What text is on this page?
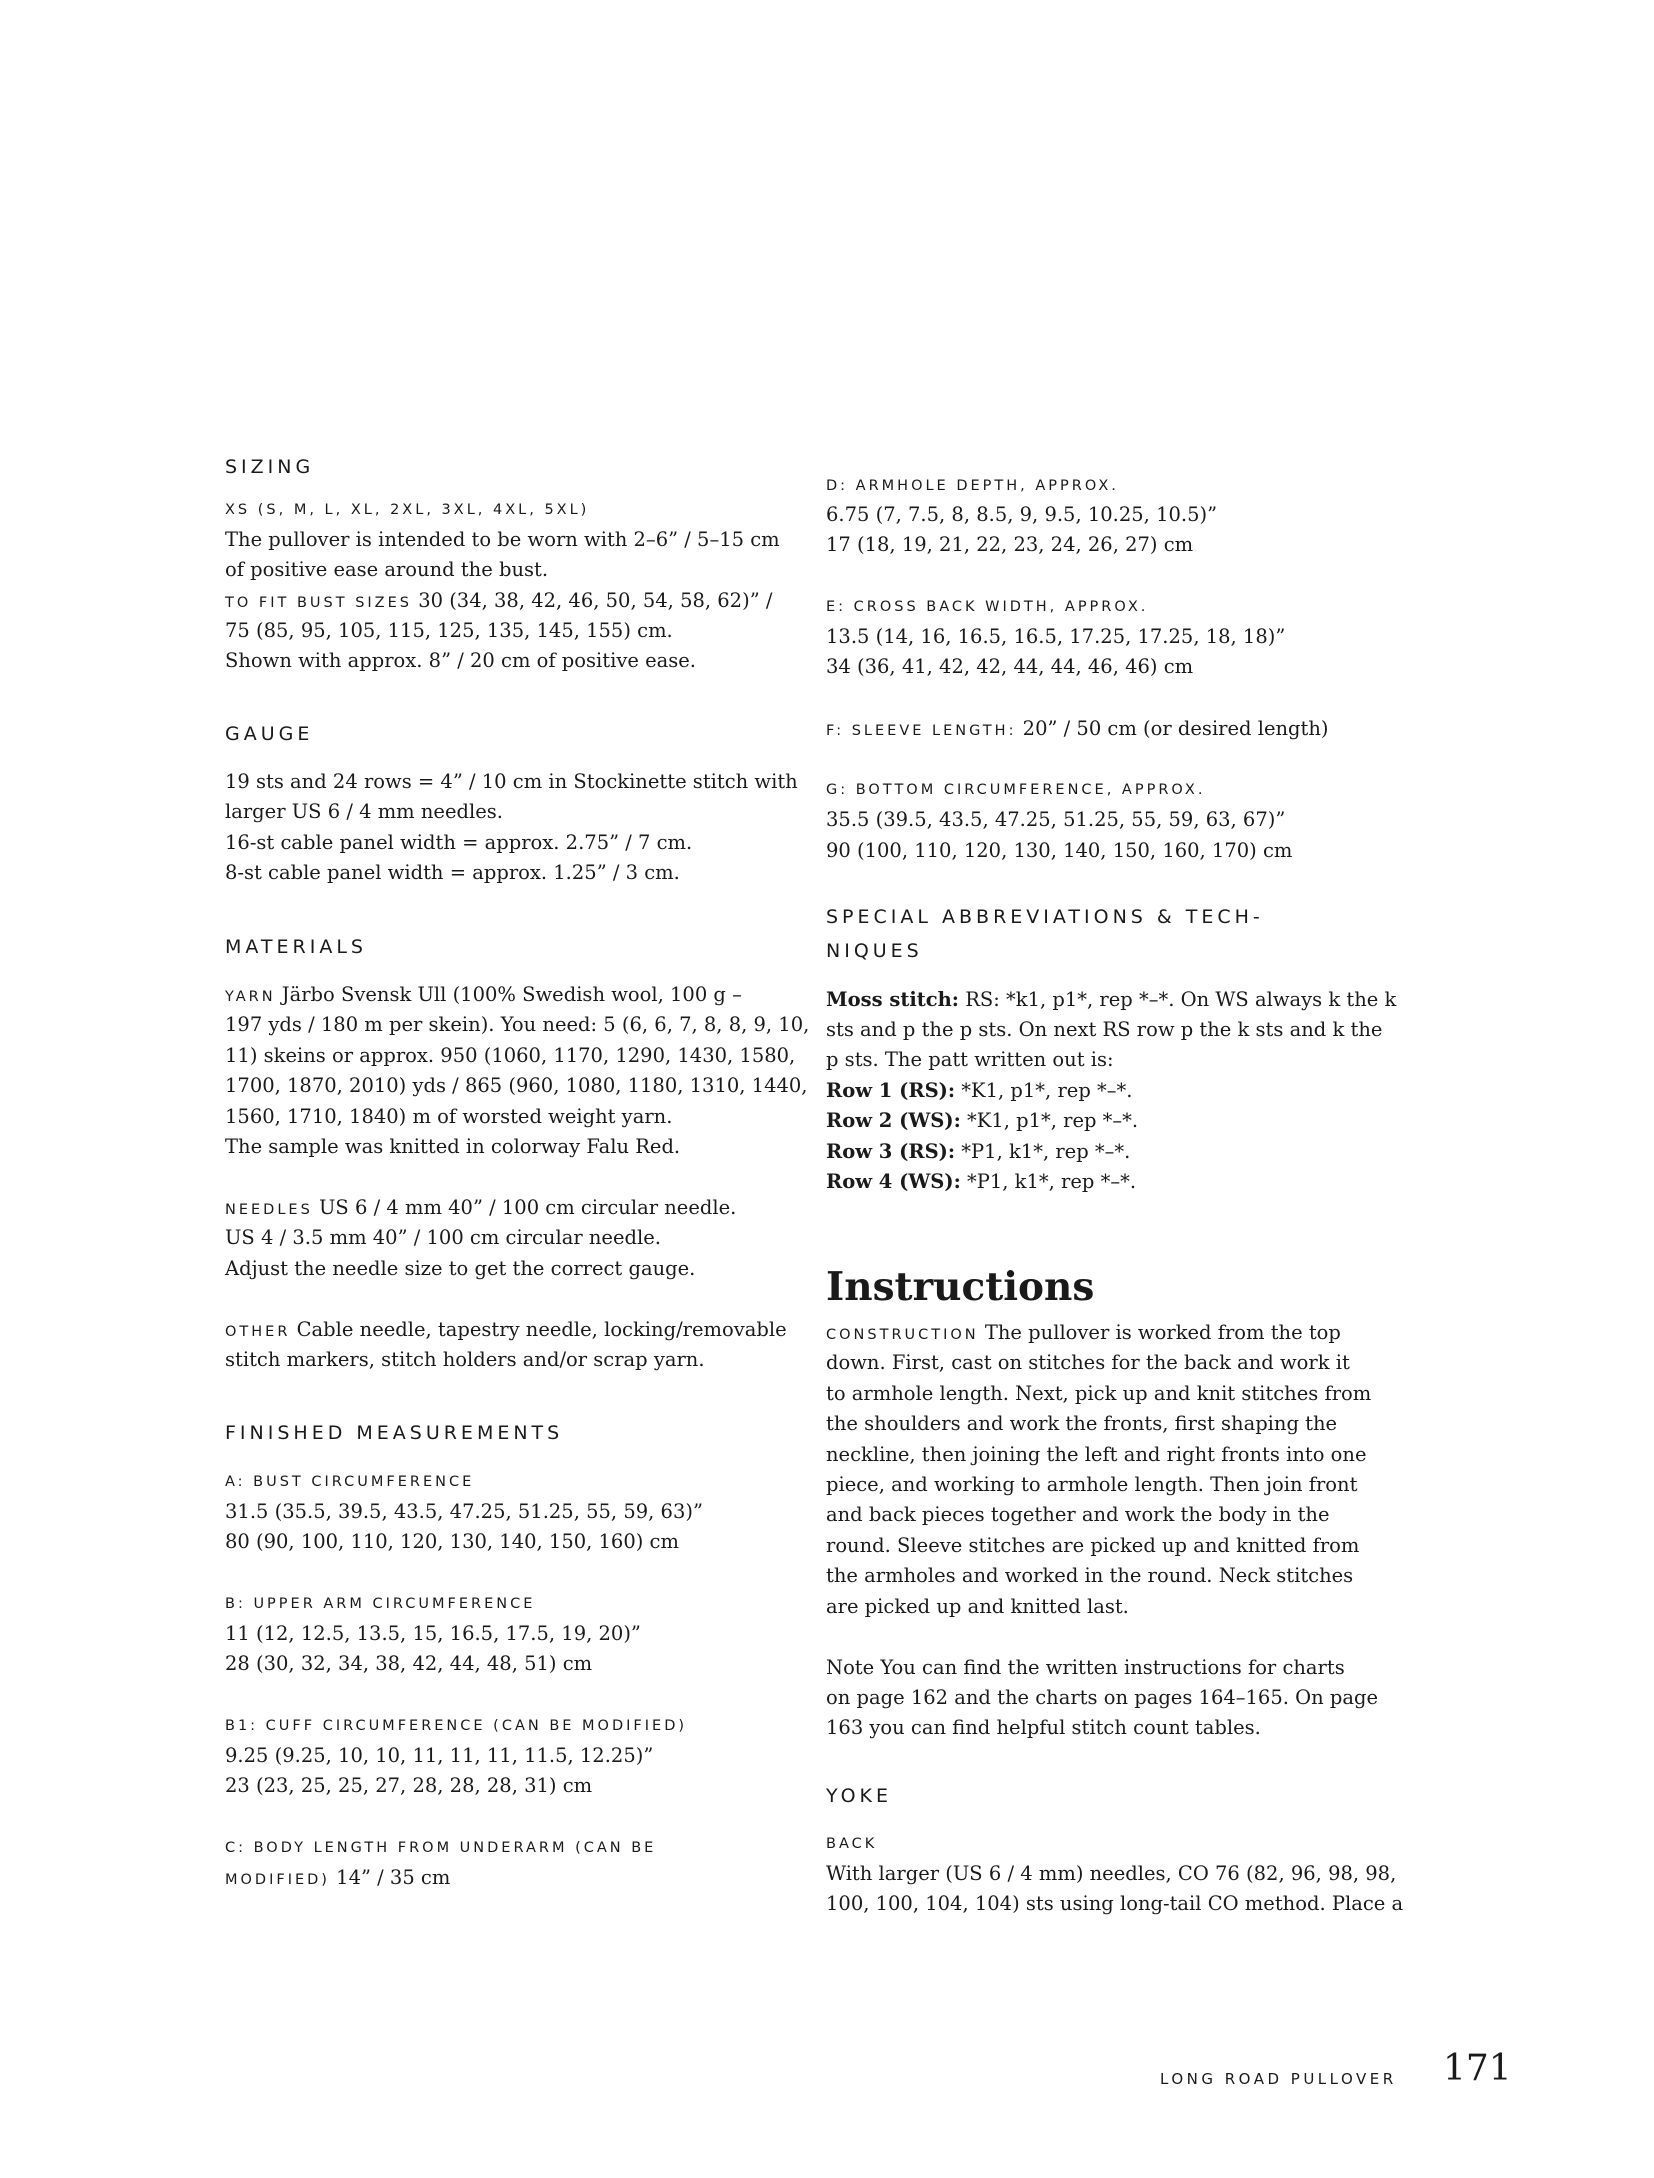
SIZING
XS (S, M, L, XL, 2XL, 3XL, 4XL, 5XL)
The pullover is intended to be worn with 2–6” / 5–15 cm
of positive ease around the bust.
TO FIT BUST SIZES 30 (34, 38, 42, 46, 50, 54, 58, 62)” /
75 (85, 95, 105, 115, 125, 135, 145, 155) cm.
Shown with approx. 8” / 20 cm of positive ease.
GAUGE
19 sts and 24 rows = 4” / 10 cm in Stockinette stitch with
larger US 6 / 4 mm needles.
16-st cable panel width = approx. 2.75” / 7 cm.
8-st cable panel width = approx. 1.25” / 3 cm.
MATERIALS
YARN Järbo Svensk Ull (100% Swedish wool, 100 g –
197 yds / 180 m per skein). You need: 5 (6, 6, 7, 8, 8, 9, 10,
11) skeins or approx. 950 (1060, 1170, 1290, 1430, 1580,
1700, 1870, 2010) yds / 865 (960, 1080, 1180, 1310, 1440,
1560, 1710, 1840) m of worsted weight yarn.
The sample was knitted in colorway Falu Red.
NEEDLES US 6 / 4 mm 40” / 100 cm circular needle.
US 4 / 3.5 mm 40” / 100 cm circular needle.
Adjust the needle size to get the correct gauge.
OTHER Cable needle, tapestry needle, locking/removable
stitch markers, stitch holders and/or scrap yarn.
FINISHED MEASUREMENTS
A: BUST CIRCUMFERENCE
31.5 (35.5, 39.5, 43.5, 47.25, 51.25, 55, 59, 63)”
80 (90, 100, 110, 120, 130, 140, 150, 160) cm
B: UPPER ARM CIRCUMFERENCE
11 (12, 12.5, 13.5, 15, 16.5, 17.5, 19, 20)”
28 (30, 32, 34, 38, 42, 44, 48, 51) cm
B1: CUFF CIRCUMFERENCE (CAN BE MODIFIED)
9.25 (9.25, 10, 10, 11, 11, 11, 11.5, 12.25)”
23 (23, 25, 25, 27, 28, 28, 28, 31) cm
C: BODY LENGTH FROM UNDERARM (CAN BE
MODIFIED) 14” / 35 cm
D: ARMHOLE DEPTH, APPROX.
6.75 (7, 7.5, 8, 8.5, 9, 9.5, 10.25, 10.5)”
17 (18, 19, 21, 22, 23, 24, 26, 27) cm
E: CROSS BACK WIDTH, APPROX.
13.5 (14, 16, 16.5, 16.5, 17.25, 17.25, 18, 18)”
34 (36, 41, 42, 42, 44, 44, 46, 46) cm
F: SLEEVE LENGTH: 20” / 50 cm (or desired length)
G: BOTTOM CIRCUMFERENCE, APPROX.
35.5 (39.5, 43.5, 47.25, 51.25, 55, 59, 63, 67)”
90 (100, 110, 120, 130, 140, 150, 160, 170) cm
SPECIAL ABBREVIATIONS & TECH-
NIQUES
Moss stitch: RS: *k1, p1*, rep *–*. On WS always k the k
sts and p the p sts. On next RS row p the k sts and k the
p sts. The patt written out is:
Row 1 (RS): *K1, p1*, rep *–*.
Row 2 (WS): *K1, p1*, rep *–*.
Row 3 (RS): *P1, k1*, rep *–*.
Row 4 (WS): *P1, k1*, rep *–*.
CONSTRUCTION The pullover is worked from the top
down. First, cast on stitches for the back and work it
to armhole length. Next, pick up and knit stitches from
the shoulders and work the fronts, first shaping the
neckline, then joining the left and right fronts into one
piece, and working to armhole length. Then join front
and back pieces together and work the body in the
round. Sleeve stitches are picked up and knitted from
the armholes and worked in the round. Neck stitches
are picked up and knitted last.
Note You can find the written instructions for charts
on page 162 and the charts on pages 164–165. On page
163 you can find helpful stitch count tables.
YOKE
BACK
With larger (US 6 / 4 mm) needles, CO 76 (82, 96, 98, 98,
100, 100, 104, 104) sts using long-tail CO method. Place a
Instructions
LONG ROAD PULLOVER 171
